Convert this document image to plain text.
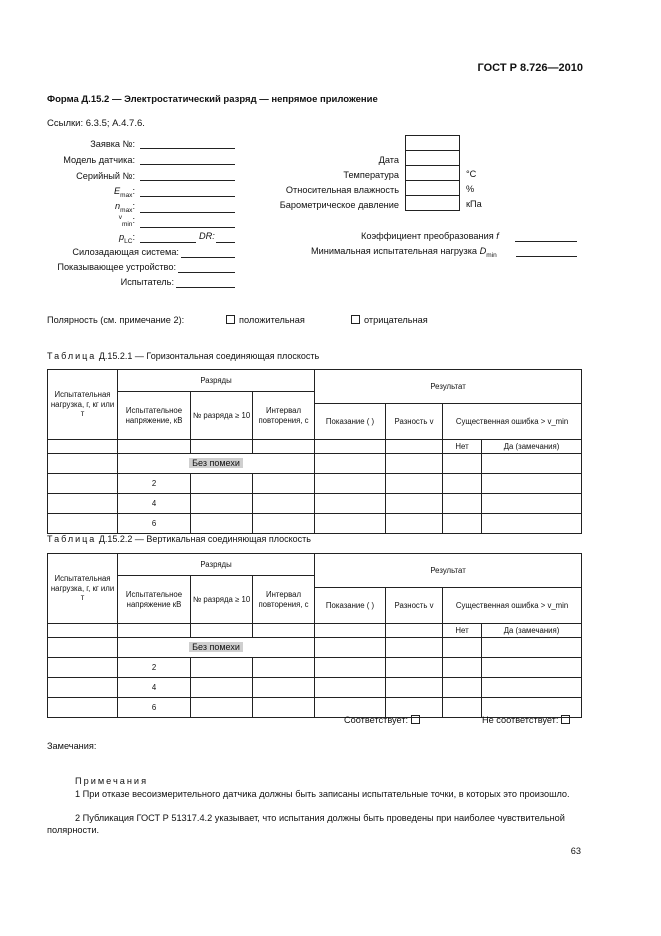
ГОСТ Р 8.726—2010
Форма Д.15.2 — Электростатический разряд — непрямое приложение
Ссылки: 6.3.5; А.4.7.6.
Заявка №:
Модель датчика:
Серийный №:
$E_{max}$:
$n_{max}$:
$^v_{min}$:
$p_{LC}$:	DR:
Силозадающая система:
Показывающее устройство:
Испытатель:
Дата
Температура
Относительная влажность
Барометрическое давление
°C
%
кПа
Коэффициент преобразования f
Минимальная испытательная нагрузка $D_{min}$
Полярность (см. примечание 2):	положительная	отрицательная
Таблица Д.15.2.1 — Горизонтальная соединяющая плоскость
Испытательная нагрузка, г, кг или т	Разряды			Результат			
	Испытательное напряжение, кВ	№ разряда ≥ 10	Интервал повторения, с				
				Показание ( )	Разность v	Существенная ошибка > v_min	

						Нет	Да (замечания)
	Без помехи						
	2						
	4						
	6						
Таблица Д.15.2.2 — Вертикальная соединяющая плоскость
Испытательная нагрузка, г, кг или т	Разряды			Результат			
	Испытательное напряжение кВ	№ разряда ≥ 10	Интервал повторения, с				
				Показание ( )	Разность v	Существенная ошибка > v_min	

						Нет	Да (замечания)
	Без помехи						
	2						
	4						
	6						
Соответствует:	Не соответствует:
Замечания:
Примечания
1 При отказе весоизмерительного датчика должны быть записаны испытательные точки, в которых это произошло.
2 Публикация ГОСТ Р 51317.4.2 указывает, что испытания должны быть проведены при наиболее чувствительной полярности.
63
